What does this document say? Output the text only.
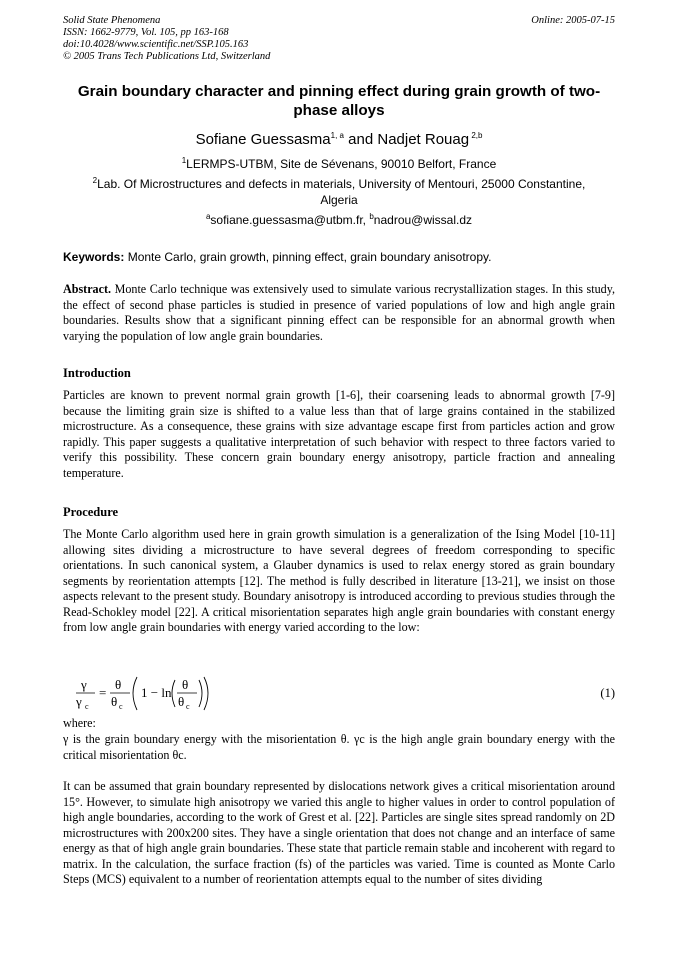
Solid State Phenomena
ISSN: 1662-9779, Vol. 105, pp 163-168
doi:10.4028/www.scientific.net/SSP.105.163
© 2005 Trans Tech Publications Ltd, Switzerland
Online: 2005-07-15
Grain boundary character and pinning effect during grain growth of two-phase alloys
Sofiane Guessasma$^{1, a}$ and Nadjet Rouag $^{2,b}$
$^1$LERMPS-UTBM, Site de Sévenans, 90010 Belfort, France
$^2$Lab. Of Microstructures and defects in materials, University of Mentouri, 25000 Constantine, Algeria
$^a$sofiane.guessasma@utbm.fr, $^b$nadrou@wissal.dz
Keywords: Monte Carlo, grain growth, pinning effect, grain boundary anisotropy.
Abstract. Monte Carlo technique was extensively used to simulate various recrystallization stages. In this study, the effect of second phase particles is studied in presence of varied populations of low and high angle grain boundaries. Results show that a significant pinning effect can be responsible for an abnormal growth when varying the population of low angle grain boundaries.
Introduction
Particles are known to prevent normal grain growth [1-6], their coarsening leads to abnormal growth [7-9] because the limiting grain size is shifted to a value less than that of large grains contained in the stabilized microstructure. As a consequence, these grains with size advantage escape first from particles action and grow rapidly. This paper suggests a qualitative interpretation of such behavior with respect to three factors varied to verify this possibility. These concern grain boundary energy anisotropy, particle fraction and annealing temperature.
Procedure
The Monte Carlo algorithm used here in grain growth simulation is a generalization of the Ising Model [10-11] allowing sites dividing a microstructure to have several degrees of freedom corresponding to specific orientations. In such canonical system, a Glauber dynamics is used to relax energy stored as grain boundary segments by reorientation attempts [12]. The method is fully described in literature [13-21], we insist on those aspects relevant to the present study. Boundary anisotropy is introduced according to previous studies through the Read-Schokley model [22]. A critical misorientation separates high angle grain boundaries with constant energy from low angle grain boundaries with energy varied according to the low:
γ
γ c
=
θ
θ c
1 − ln
θ
θ c
(1)
where:
γ is the grain boundary energy with the misorientation θ. γc is the high angle grain boundary energy with the critical misorientation θc.
It can be assumed that grain boundary represented by dislocations network gives a critical misorientation around 15°. However, to simulate high anisotropy we varied this angle to higher values in order to control population of high angle boundaries, according to the work of Grest et al. [22]. Particles are single sites spread randomly on 2D microstructures with 200x200 sites. They have a single orientation that does not change and an interface of same energy as that of high angle grain boundaries. These state that particle remain stable and incoherent with regard to matrix. In the calculation, the surface fraction (fs) of the particles was varied. Time is counted as Monte Carlo Steps (MCS) equivalent to a number of reorientation attempts equal to the number of sites dividing
